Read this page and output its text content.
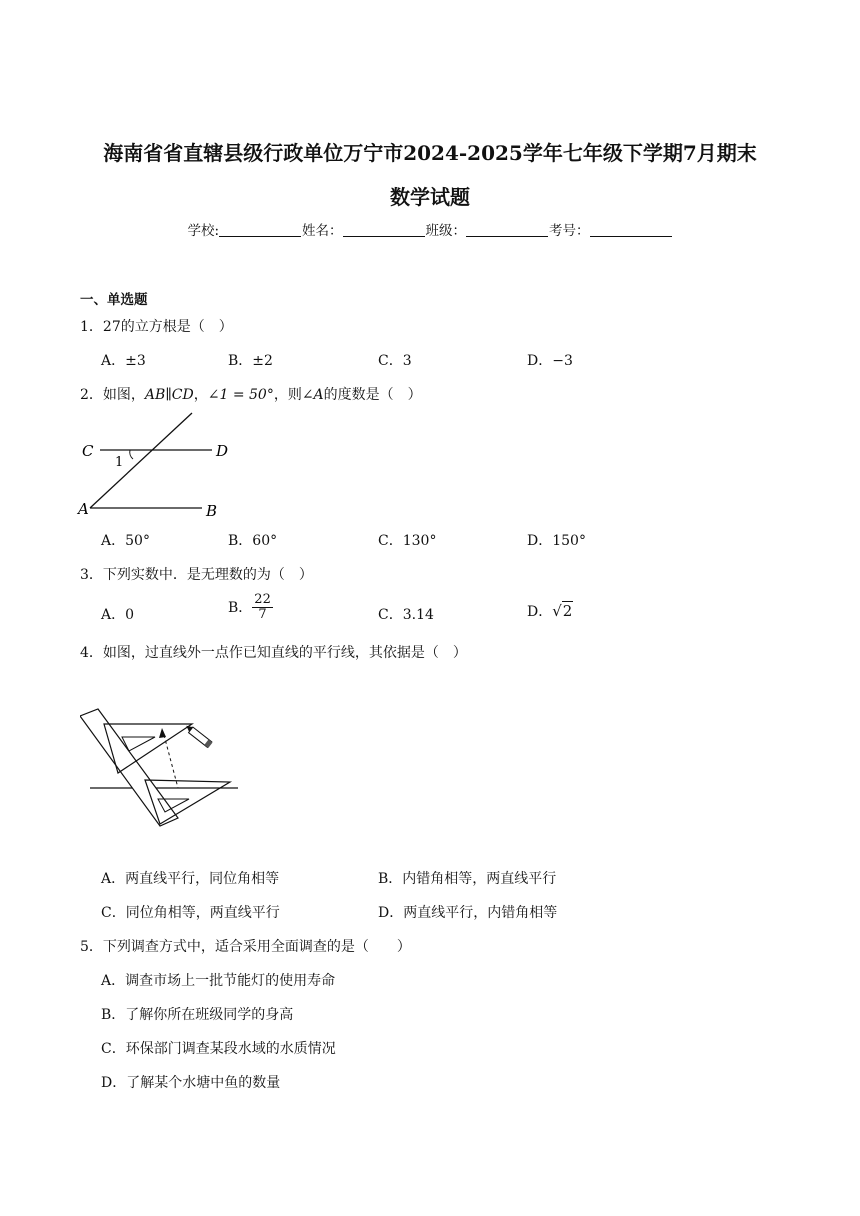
海南省省直辖县级行政单位万宁市2024-2025学年七年级下学期7月期末
数学试题
学校:	姓名：	班级：	考号：
一、单选题
1．27的立方根是（　）
A．±3	B．±2	C．3	D．−3
2．如图，AB∥CD，∠1 = 50°，则∠A的度数是（　）
C	D
A	B
1
A．50°	B．60°	C．130°	D．150°
3．下列实数中．是无理数的为（　）
A．0	B． $\frac{22}{7}$	C．3.14	D．√2
4．如图，过直线外一点作已知直线的平行线，其依据是（　）
A．两直线平行，同位角相等	B．内错角相等，两直线平行
C．同位角相等，两直线平行	D．两直线平行，内错角相等
5．下列调查方式中，适合采用全面调查的是（　　）
A．调查市场上一批节能灯的使用寿命
B．了解你所在班级同学的身高
C．环保部门调查某段水域的水质情况
D．了解某个水塘中鱼的数量
